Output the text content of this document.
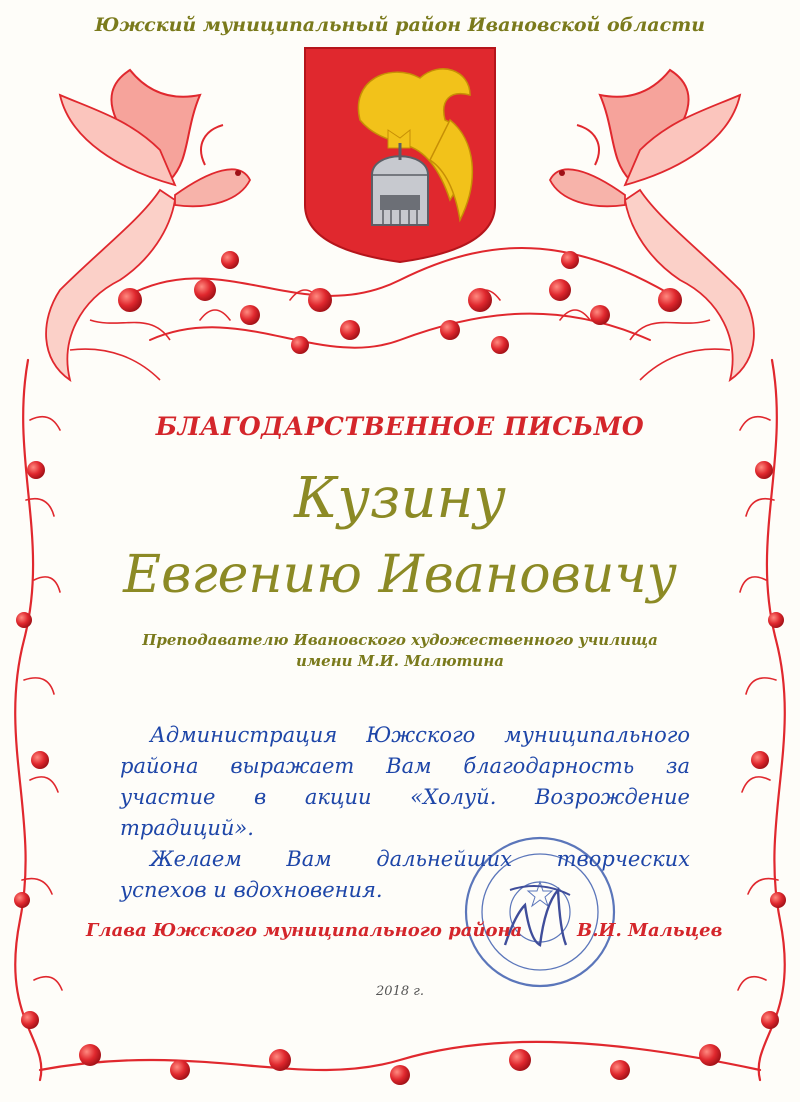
Южский муниципальный район Ивановской области
БЛАГОДАРСТВЕННОЕ ПИСЬМО
Кузину
Евгению Ивановичу
Преподавателю Ивановского художественного училища
имени М.И. Малютина

Администрация Южского муниципального района выражает Вам благодарность за участие в акции «Холуй. Возрождение традиций».

Желаем Вам дальнейших творческих

успехов и вдохновения.

Глава Южского муниципального района	В.И. Мальцев
2018 г.
